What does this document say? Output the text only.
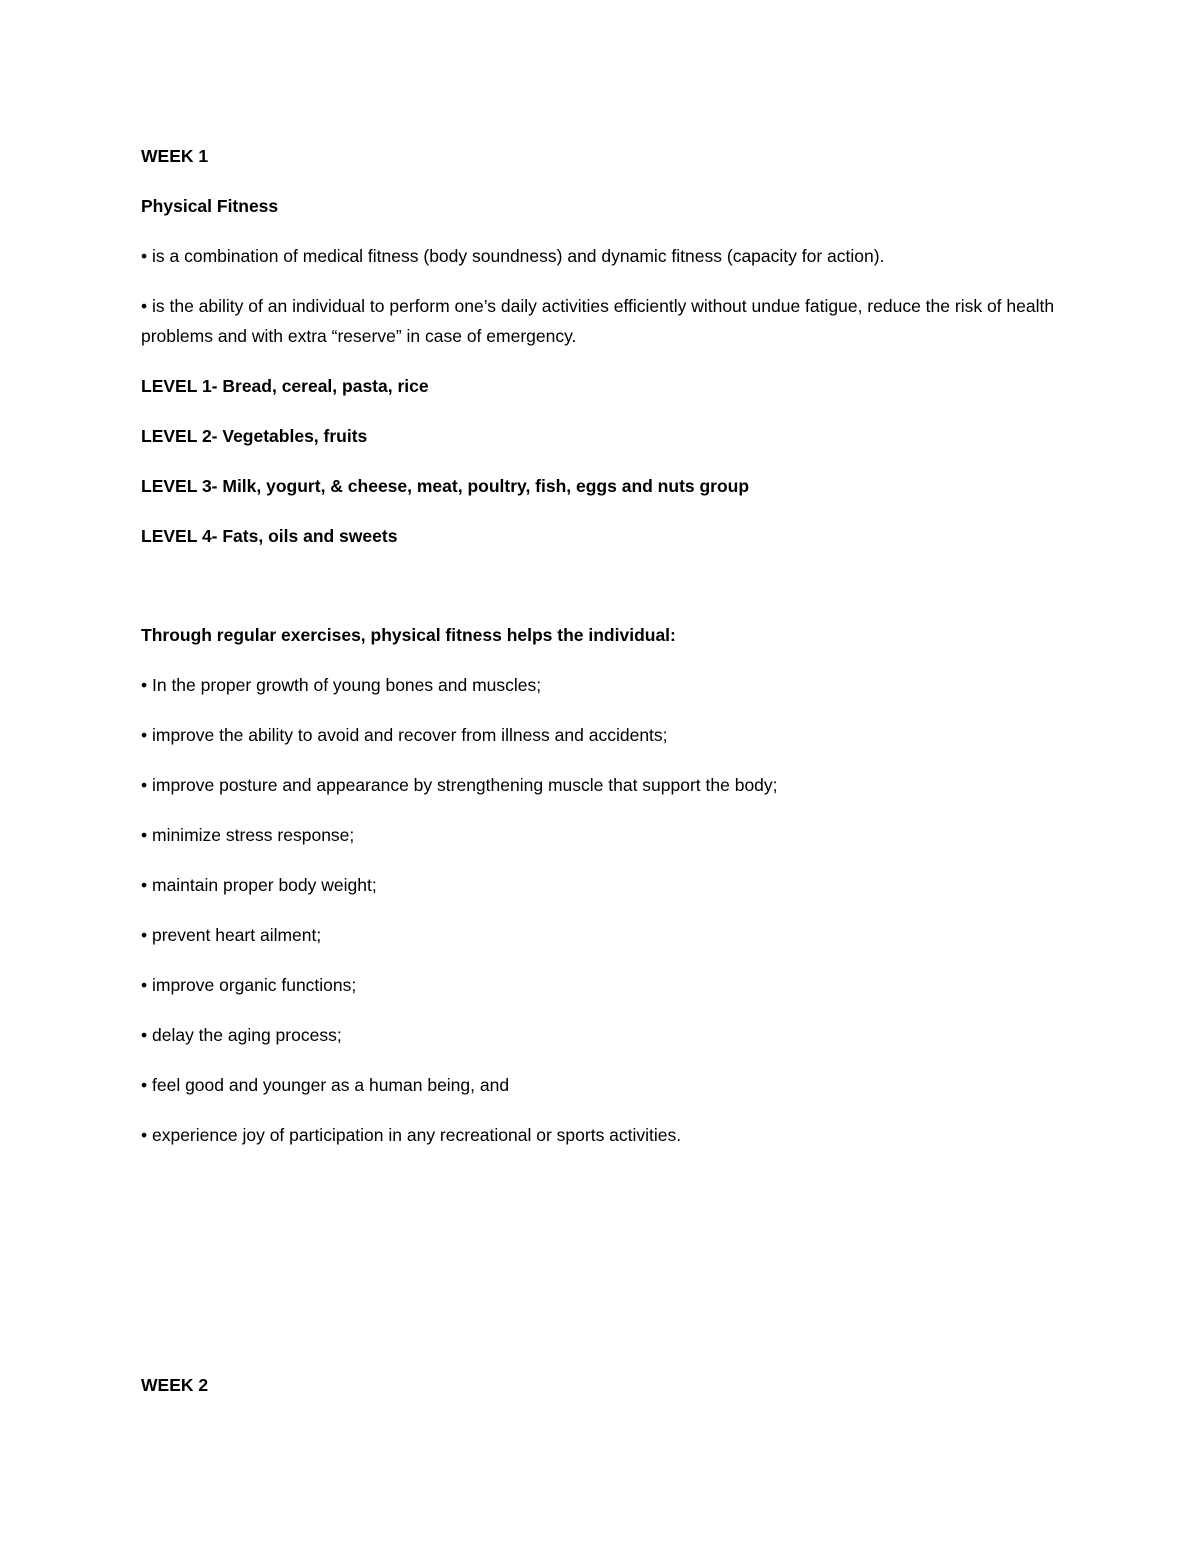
WEEK 1
Physical Fitness
• is a combination of medical fitness (body soundness) and dynamic fitness (capacity for action).
• is the ability of an individual to perform one’s daily activities efficiently without undue fatigue, reduce the risk of health problems and with extra “reserve” in case of emergency.
LEVEL 1- Bread, cereal, pasta, rice
LEVEL 2- Vegetables, fruits
LEVEL 3- Milk, yogurt, & cheese, meat, poultry, fish, eggs and nuts group
LEVEL 4- Fats, oils and sweets
Through regular exercises, physical fitness helps the individual:
• In the proper growth of young bones and muscles;
• improve the ability to avoid and recover from illness and accidents;
• improve posture and appearance by strengthening muscle that support the body;
• minimize stress response;
• maintain proper body weight;
• prevent heart ailment;
• improve organic functions;
• delay the aging process;
• feel good and younger as a human being, and
• experience joy of participation in any recreational or sports activities.
WEEK 2
